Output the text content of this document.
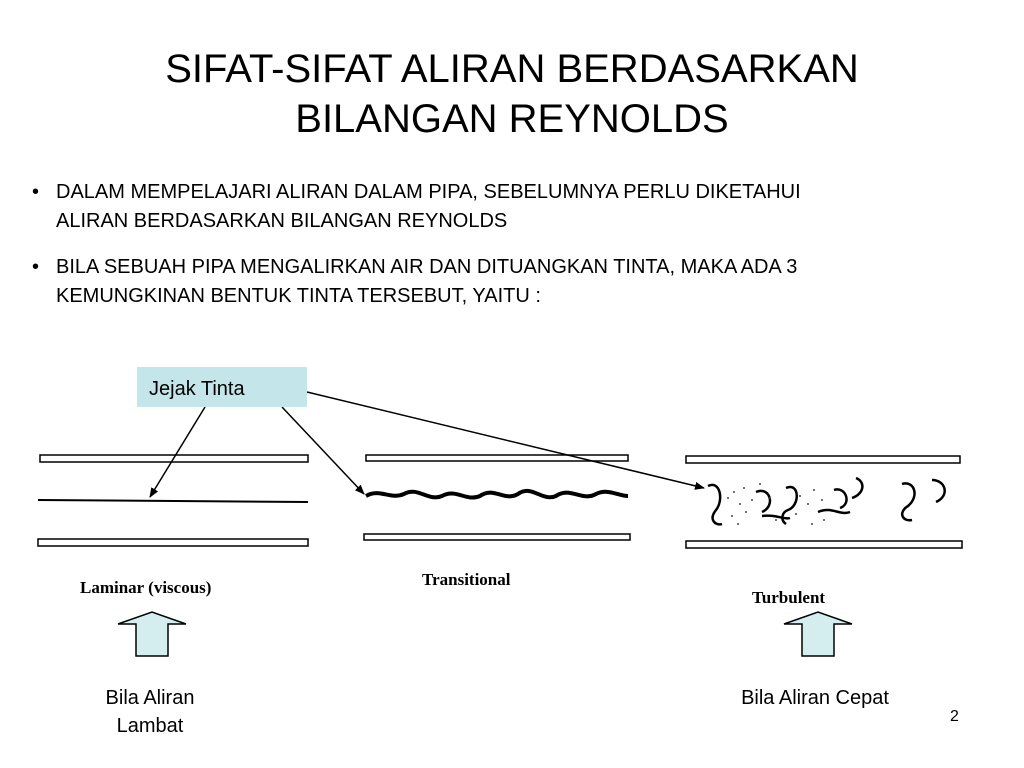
SIFAT-SIFAT ALIRAN BERDASARKAN
BILANGAN REYNOLDS
• DALAM MEMPELAJARI ALIRAN DALAM PIPA, SEBELUMNYA PERLU DIKETAHUI
ALIRAN BERDASARKAN BILANGAN REYNOLDS
• BILA SEBUAH PIPA MENGALIRKAN AIR DAN DITUANGKAN TINTA, MAKA ADA 3
KEMUNGKINAN BENTUK TINTA TERSEBUT, YAITU :
Jejak Tinta
Laminar (viscous)	Transitional
Turbulent
Bila Aliran
Lambat
Bila Aliran Cepat
2
